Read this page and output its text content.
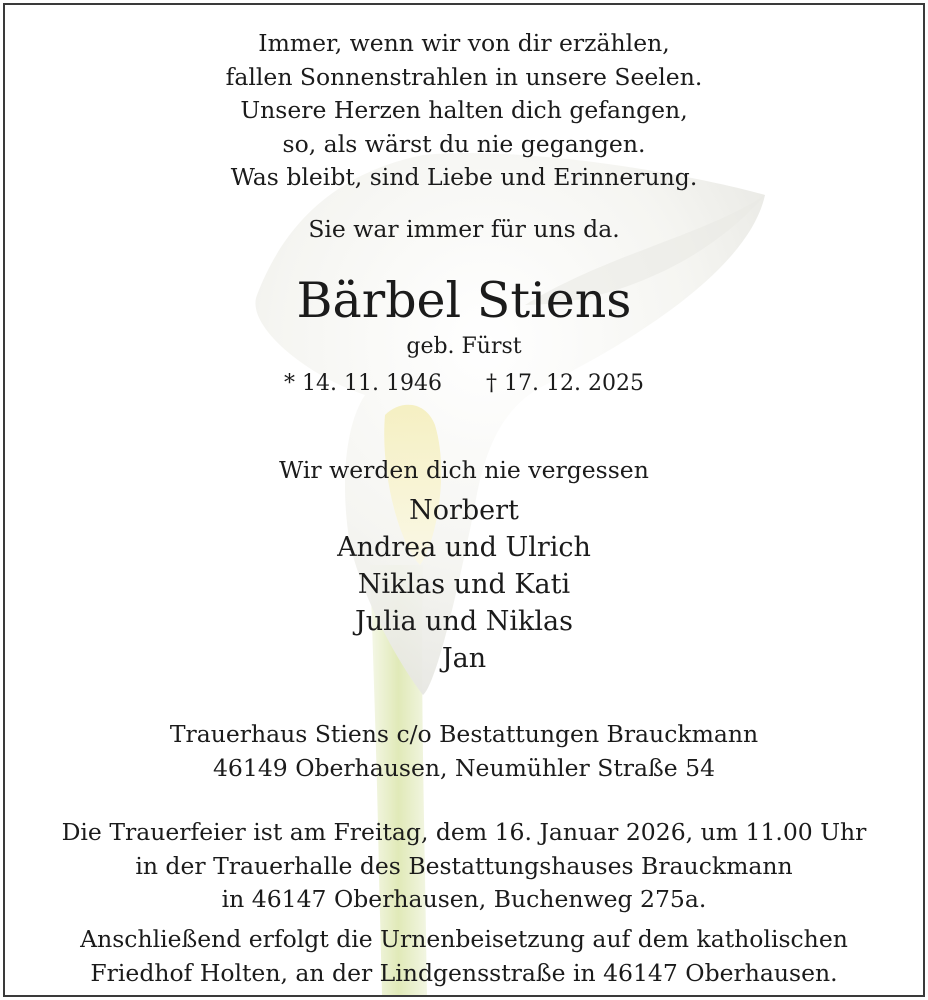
Immer, wenn wir von dir erzählen,
fallen Sonnenstrahlen in unsere Seelen.
Unsere Herzen halten dich gefangen,
so, als wärst du nie gegangen.
Was bleibt, sind Liebe und Erinnerung.
Sie war immer für uns da.
Bärbel Stiens
geb. Fürst
* 14. 11. 1946 † 17. 12. 2025
Wir werden dich nie vergessen
Norbert
Andrea und Ulrich
Niklas und Kati
Julia und Niklas
Jan
Trauerhaus Stiens c/o Bestattungen Brauckmann
46149 Oberhausen, Neumühler Straße 54
Die Trauerfeier ist am Freitag, dem 16. Januar 2026, um 11.00 Uhr
in der Trauerhalle des Bestattungshauses Brauckmann
in 46147 Oberhausen, Buchenweg 275a.
Anschließend erfolgt die Urnenbeisetzung auf dem katholischen
Friedhof Holten, an der Lindgensstraße in 46147 Oberhausen.
